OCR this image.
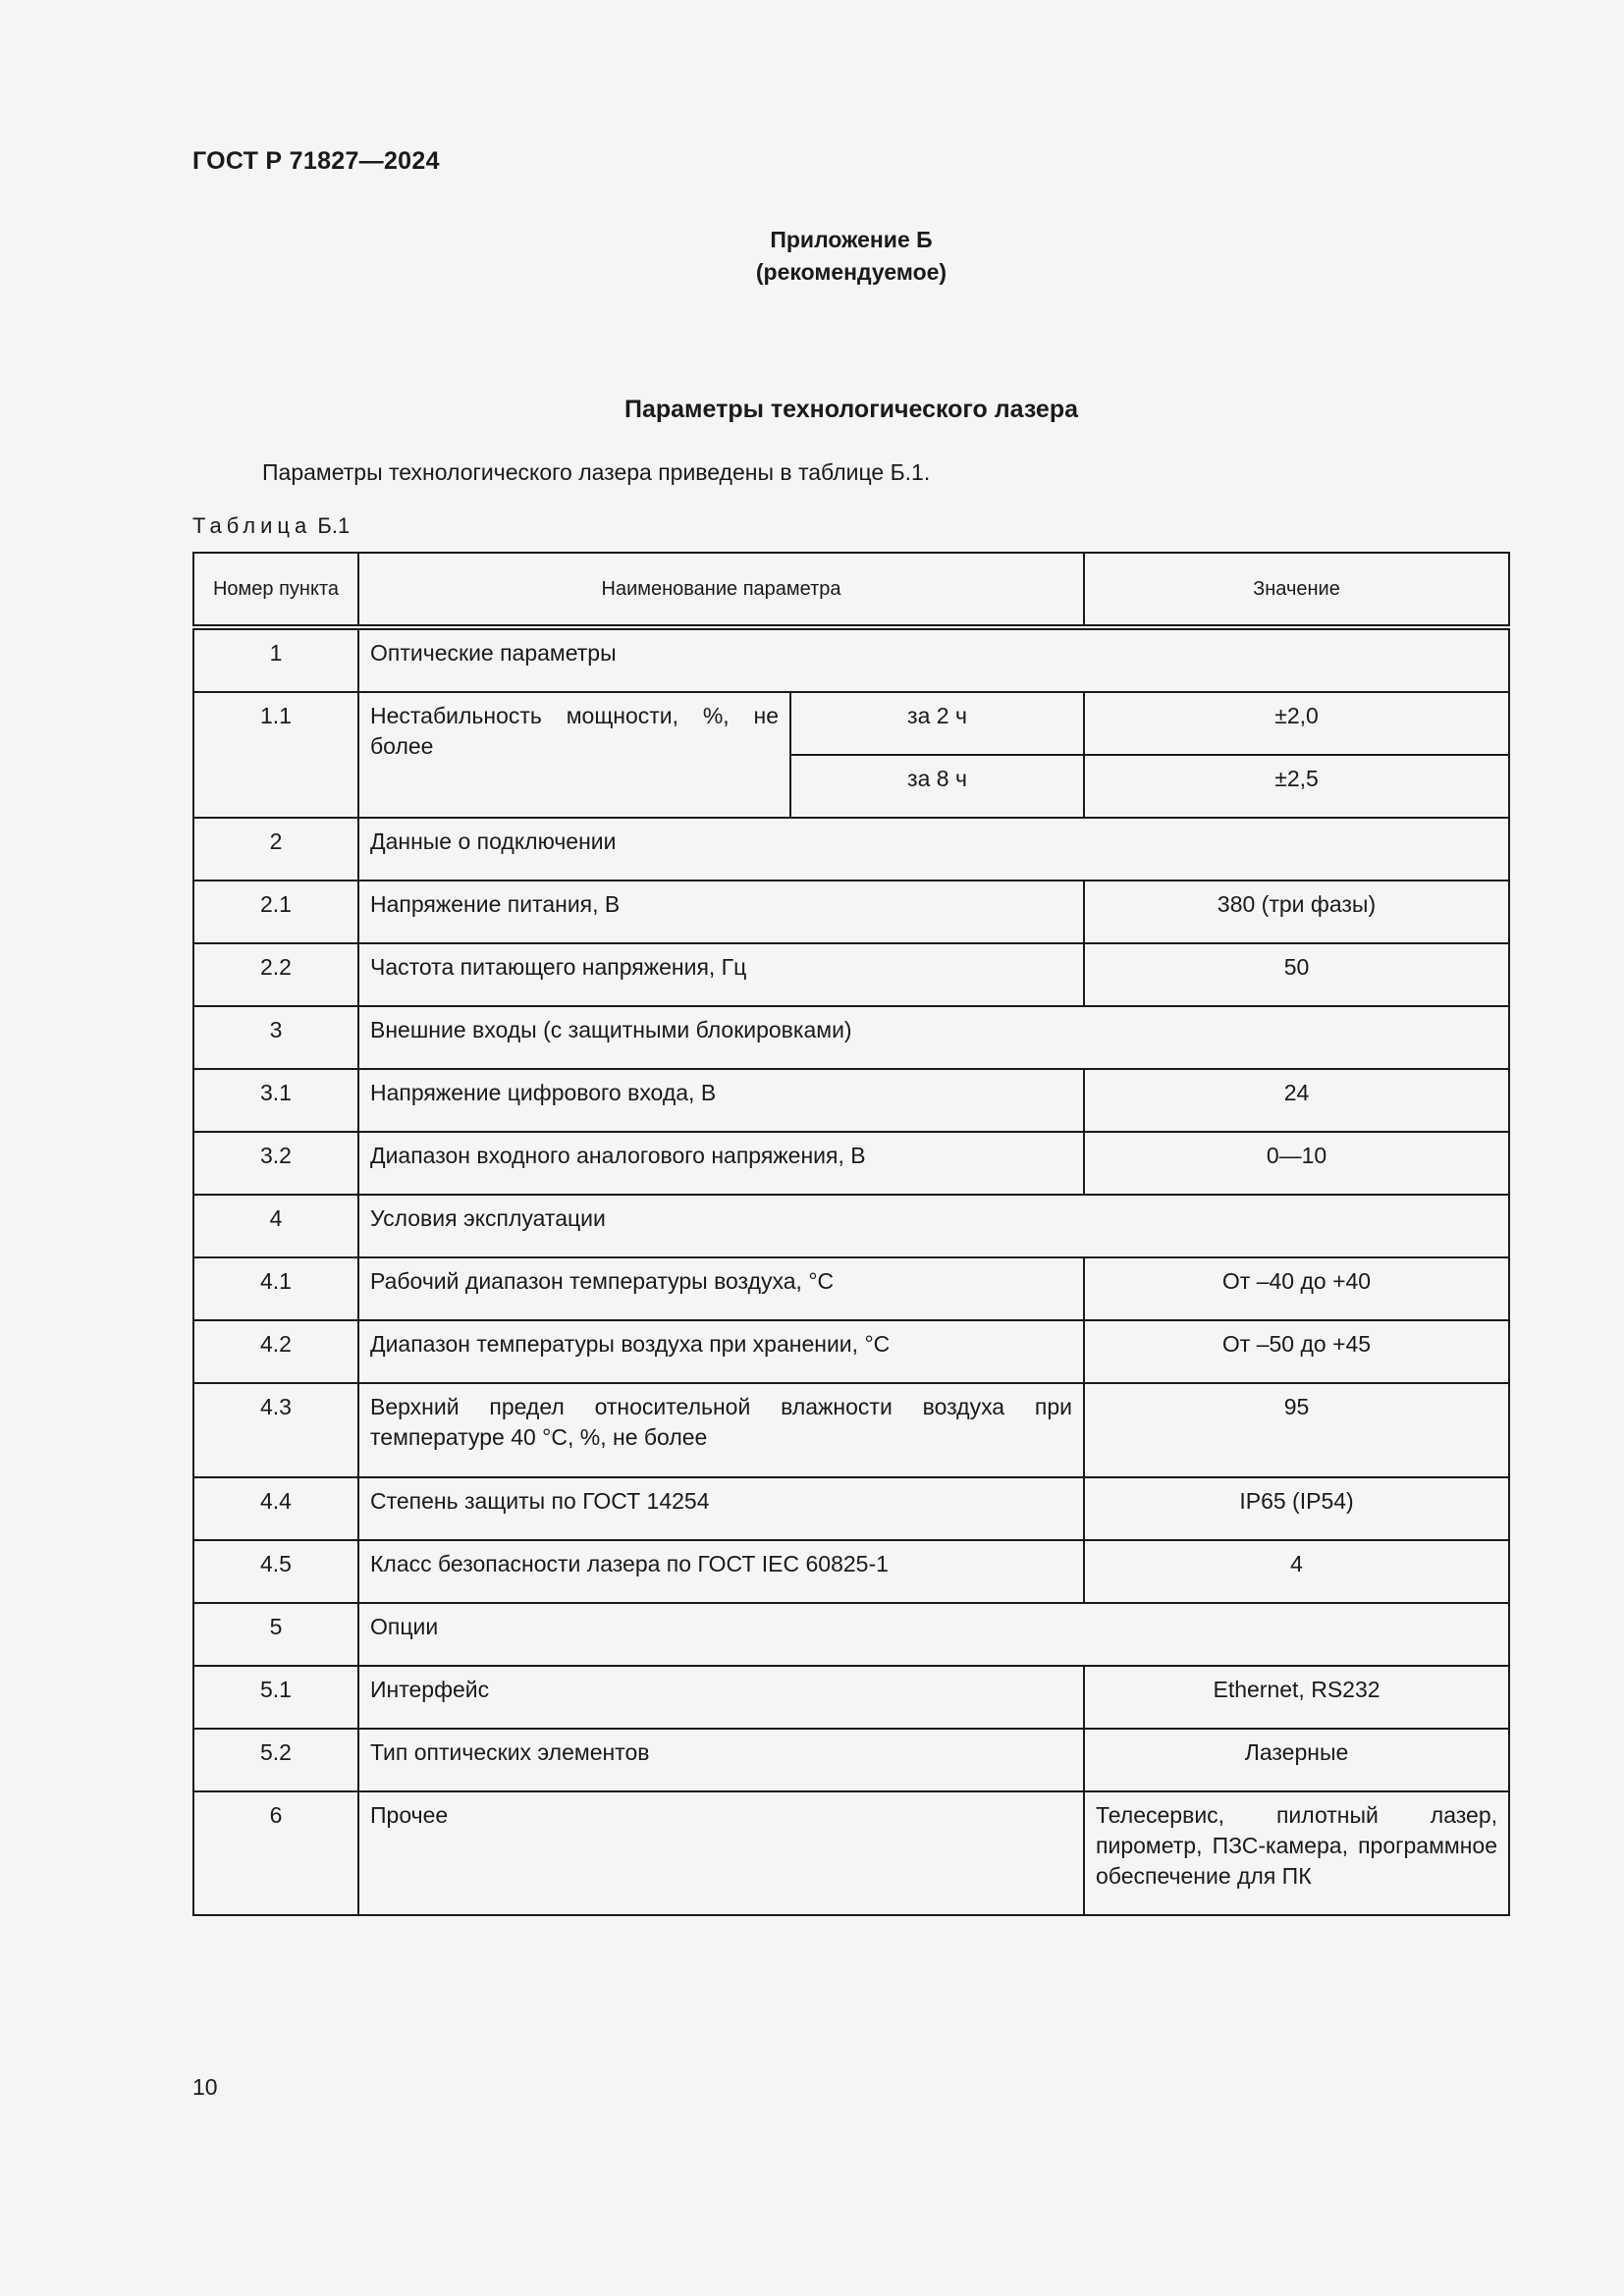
ГОСТ Р 71827—2024
Приложение Б
(рекомендуемое)
Параметры технологического лазера
Параметры технологического лазера приведены в таблице Б.1.
Таблица Б.1
Номер пункта	Наименование параметра		Значение
1	Оптические параметры		
1.1	Нестабильность мощности, %, не более	за 2 ч	±2,0
		за 8 ч	±2,5
2	Данные о подключении		
2.1	Напряжение питания, В		380 (три фазы)
2.2	Частота питающего напряжения, Гц		50
3	Внешние входы (с защитными блокировками)		
3.1	Напряжение цифрового входа, В		24
3.2	Диапазон входного аналогового напряжения, В		0—10
4	Условия эксплуатации		
4.1	Рабочий диапазон температуры воздуха, °С		От –40 до +40
4.2	Диапазон температуры воздуха при хранении, °С		От –50 до +45
4.3	Верхний предел относительной влажности воздуха при температуре 40 °С, %, не более		95
4.4	Степень защиты по ГОСТ 14254		IP65 (IP54)
4.5	Класс безопасности лазера по ГОСТ IEC 60825-1		4
5	Опции		
5.1	Интерфейс		Ethernet, RS232
5.2	Тип оптических элементов		Лазерные
6	Прочее		Телесервис, пилотный лазер, пирометр, ПЗС-камера, программное обеспечение для ПК
10
